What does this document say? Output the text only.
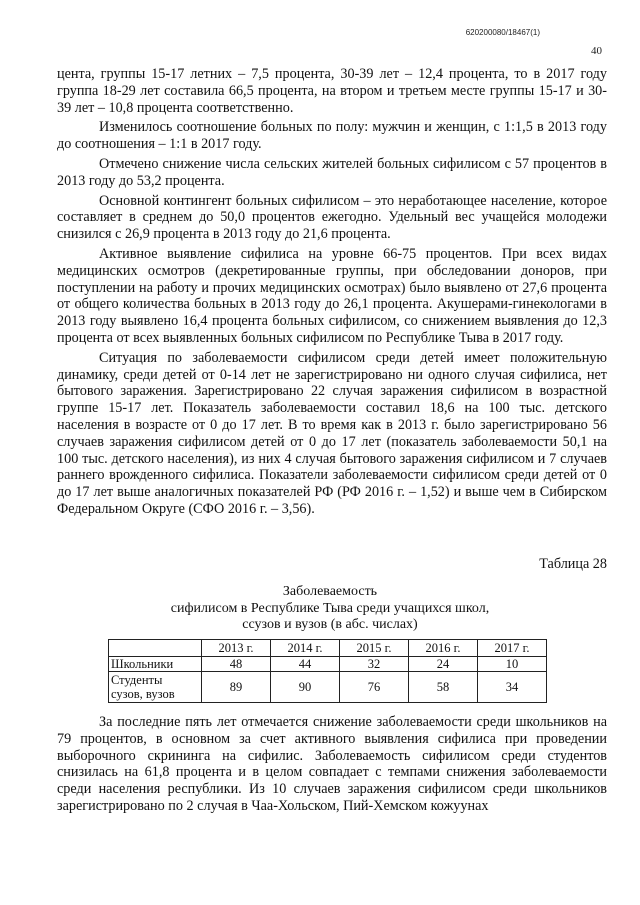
620200080/18467(1)
40

цента, группы 15-17 летних – 7,5 процента, 30-39 лет – 12,4 процента, то в 2017 году группа 18-29 лет составила 66,5 процента, на втором и третьем месте группы 15-17 и 30-39 лет – 10,8 процента соответственно.

Изменилось соотношение больных по полу: мужчин и женщин, с 1:1,5 в 2013 году до соотношения – 1:1 в 2017 году.

Отмечено снижение числа сельских жителей больных сифилисом с 57 процентов в 2013 году до 53,2 процента.

Основной контингент больных сифилисом – это неработающее население, которое составляет в среднем до 50,0 процентов ежегодно. Удельный вес учащейся молодежи снизился с 26,9 процента в 2013 году до 21,6 процента.

Активное выявление сифилиса на уровне 66-75 процентов. При всех видах медицинских осмотров (декретированные группы, при обследовании доноров, при поступлении на работу и прочих медицинских осмотрах) было выявлено от 27,6 процента от общего количества больных в 2013 году до 26,1 процента. Акушерами-гинекологами в 2013 году выявлено 16,4 процента больных сифилисом, со снижением выявления до 12,3 процента от всех выявленных больных сифилисом по Республике Тыва в 2017 году.

Ситуация по заболеваемости сифилисом среди детей имеет положительную динамику, среди детей от 0-14 лет не зарегистрировано ни одного случая сифилиса, нет бытового заражения. Зарегистрировано 22 случая заражения сифилисом в возрастной группе 15-17 лет. Показатель заболеваемости составил 18,6 на 100 тыс. детского населения в возрасте от 0 до 17 лет. В то время как в 2013 г. было зарегистрировано 56 случаев заражения сифилисом детей от 0 до 17 лет (показатель заболеваемости 50,1 на 100 тыс. детского населения), из них 4 случая бытового заражения сифилисом и 7 случаев раннего врожденного сифилиса. Показатели заболеваемости сифилисом среди детей от 0 до 17 лет выше аналогичных показателей РФ (РФ 2016 г. – 1,52) и выше чем в Сибирском Федеральном Округе (СФО 2016 г. – 3,56).

Таблица 28
Заболеваемость
сифилисом в Республике Тыва среди учащихся школ,
ссузов и вузов (в абс. числах)
	2013 г.	2014 г.	2015 г.	2016 г.	2017 г.
Школьники	48	44	32	24	10

Студенты
сузов, вузов	89	90	76	58	34

За последние пять лет отмечается снижение заболеваемости среди школьников на 79 процентов, в основном за счет активного выявления сифилиса при проведении выборочного скрининга на сифилис. Заболеваемость сифилисом среди студентов снизилась на 61,8 процента и в целом совпадает с темпами снижения заболеваемости среди населения республики. Из 10 случаев заражения сифилисом среди школьников зарегистрировано по 2 случая в Чаа-Хольском, Пий-Хемском кожуунах
